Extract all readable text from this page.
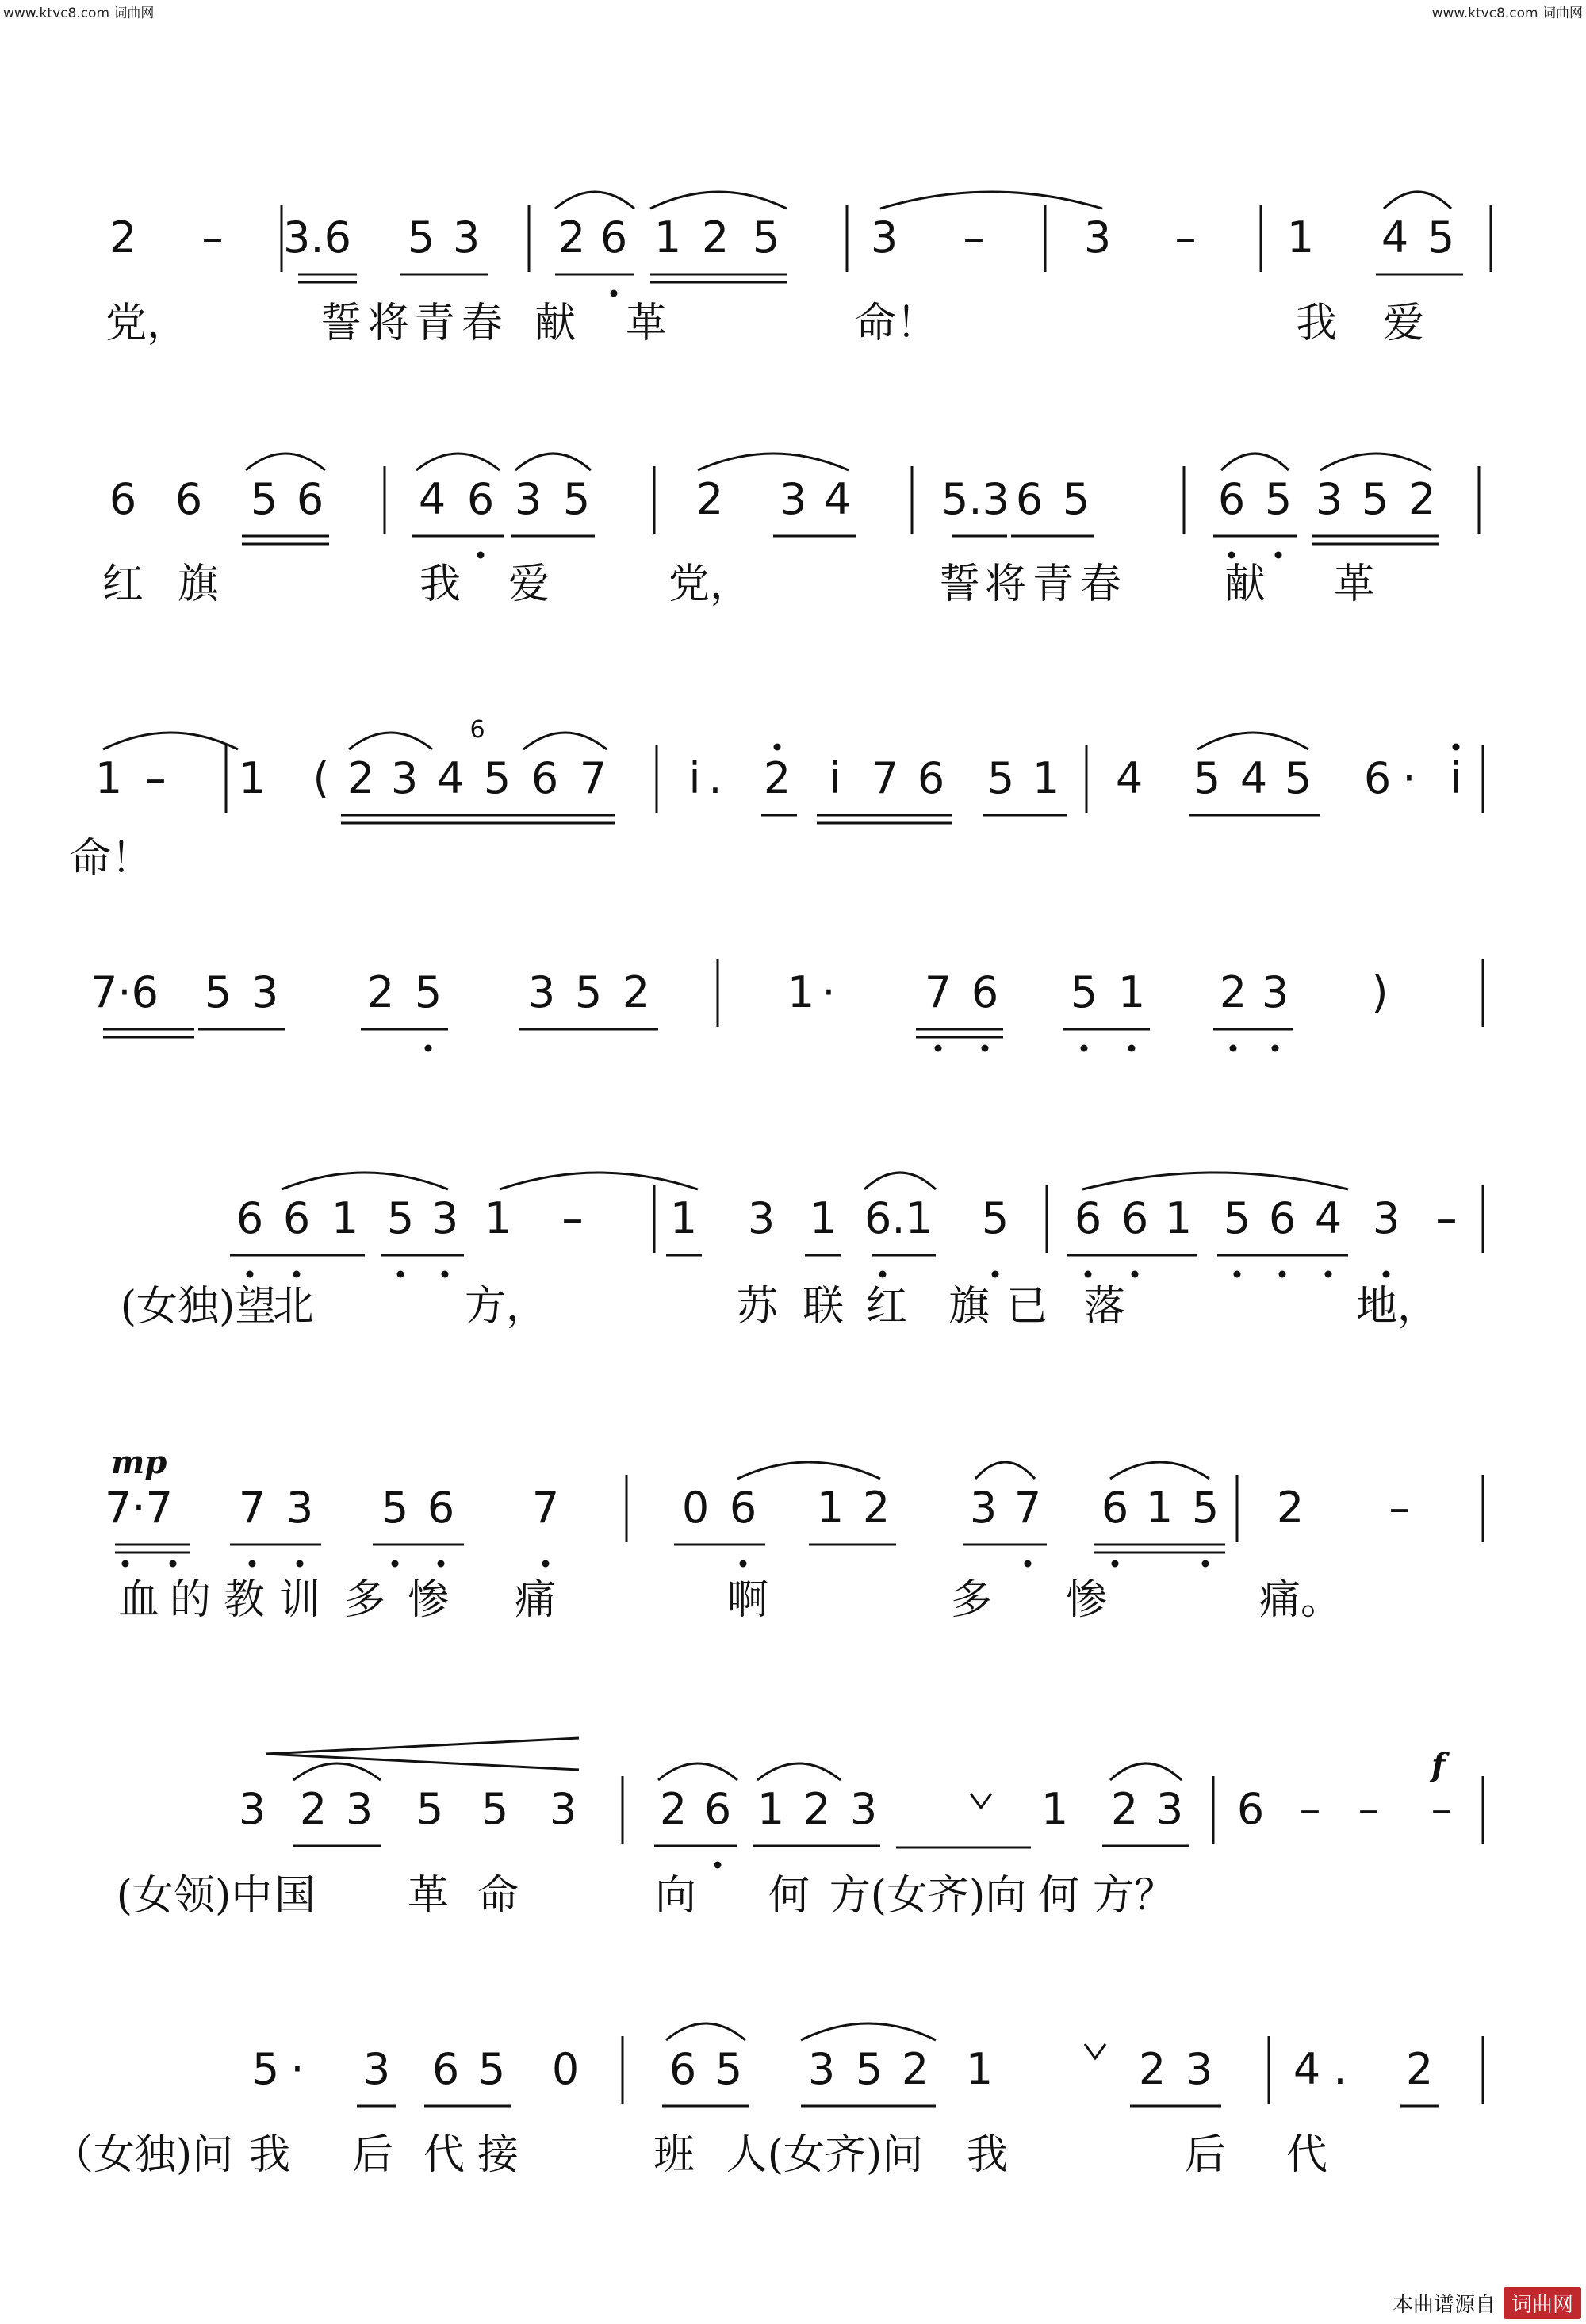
www.ktvc8.com 词曲网	www.ktvc8.com 词曲网
2 – 3.6 5 3 2 6 1 2 5 3 – 3 – 1 4 5
6 6 5 6 4 6 3 5 2 3 4 5.3 6 5	6 5 3 5 2
1 – 1 ( 2 3 4 5 6 7 i . 2 i 7 6 5 1 4 5 4 5 6 · i
7·6 5 3 2 5 3 5 2	1 · 7 6 5 1 2 3 )
6 6 1 5 3 1 – 1 3 1 6.1 5 6 6 1 5 6 4 3 –
7·7 7 3 5 6 7	0 6 1 2 3 7 6 1 5 2 –
3 2 3 5 5 3 2 6 1 2 3	1 2 3 6 – – –
5 · 3 6 5 0 6 5 3 5 2 1	2 3 4 . 2
6
mp
f
党，	誓 将 青 春 献 革	命！	我 爱
红 旗	我 爱	党，	誓 将 青 春 献 革
命！
(女独)望
北	方，	苏 联 红 旗 已 落	地，
血 的 教 训 多 惨 痛	啊	多 惨	痛。
(女领)中 国 革 命	向 何 方(女齐)向 何 方？
（女独)问 我 后 代 接	班 人(女齐)问 我	后 代
本曲谱源自 词曲网
